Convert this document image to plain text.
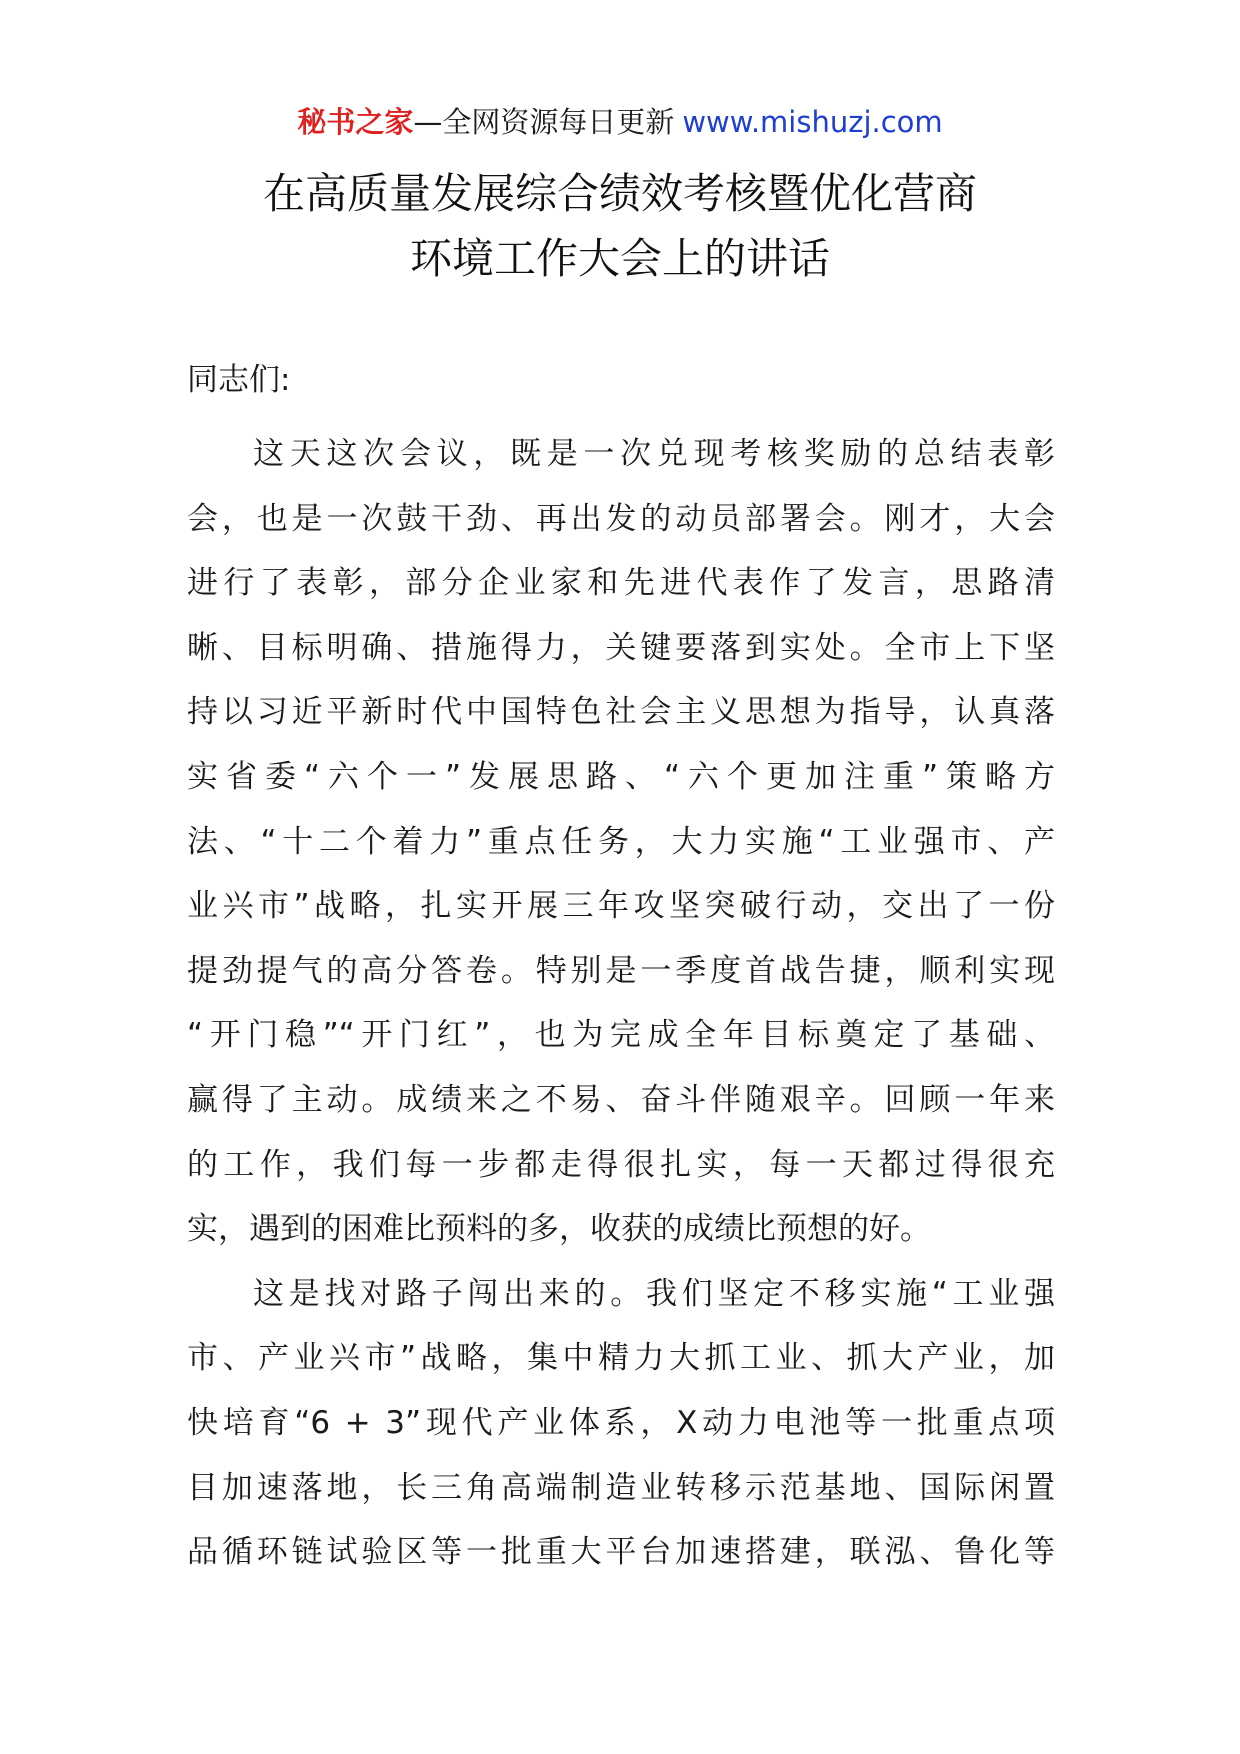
秘书之家—全网资源每日更新 www.mishuzj.com
在高质量发展综合绩效考核暨优化营商
环境工作大会上的讲话
同志们:
这天这次会议，既是一次兑现考核奖励的总结表彰
会，也是一次鼓干劲、再出发的动员部署会。刚才，大会
进行了表彰，部分企业家和先进代表作了发言，思路清
晰、目标明确、措施得力，关键要落到实处。全市上下坚
持以习近平新时代中国特色社会主义思想为指导，认真落
实省委“六个一”发展思路、“六个更加注重”策略方
法、“十二个着力”重点任务，大力实施“工业强市、产
业兴市”战略，扎实开展三年攻坚突破行动，交出了一份
提劲提气的高分答卷。特别是一季度首战告捷，顺利实现
“开门稳”“开门红”，也为完成全年目标奠定了基础、
赢得了主动。成绩来之不易、奋斗伴随艰辛。回顾一年来
的工作，我们每一步都走得很扎实，每一天都过得很充
实，遇到的困难比预料的多，收获的成绩比预想的好。
这是找对路子闯出来的。我们坚定不移实施“工业强
市、产业兴市”战略，集中精力大抓工业、抓大产业，加
快培育“6 + 3”现代产业体系，X动力电池等一批重点项
目加速落地，长三角高端制造业转移示范基地、国际闲置
品循环链试验区等一批重大平台加速搭建，联泓、鲁化等
